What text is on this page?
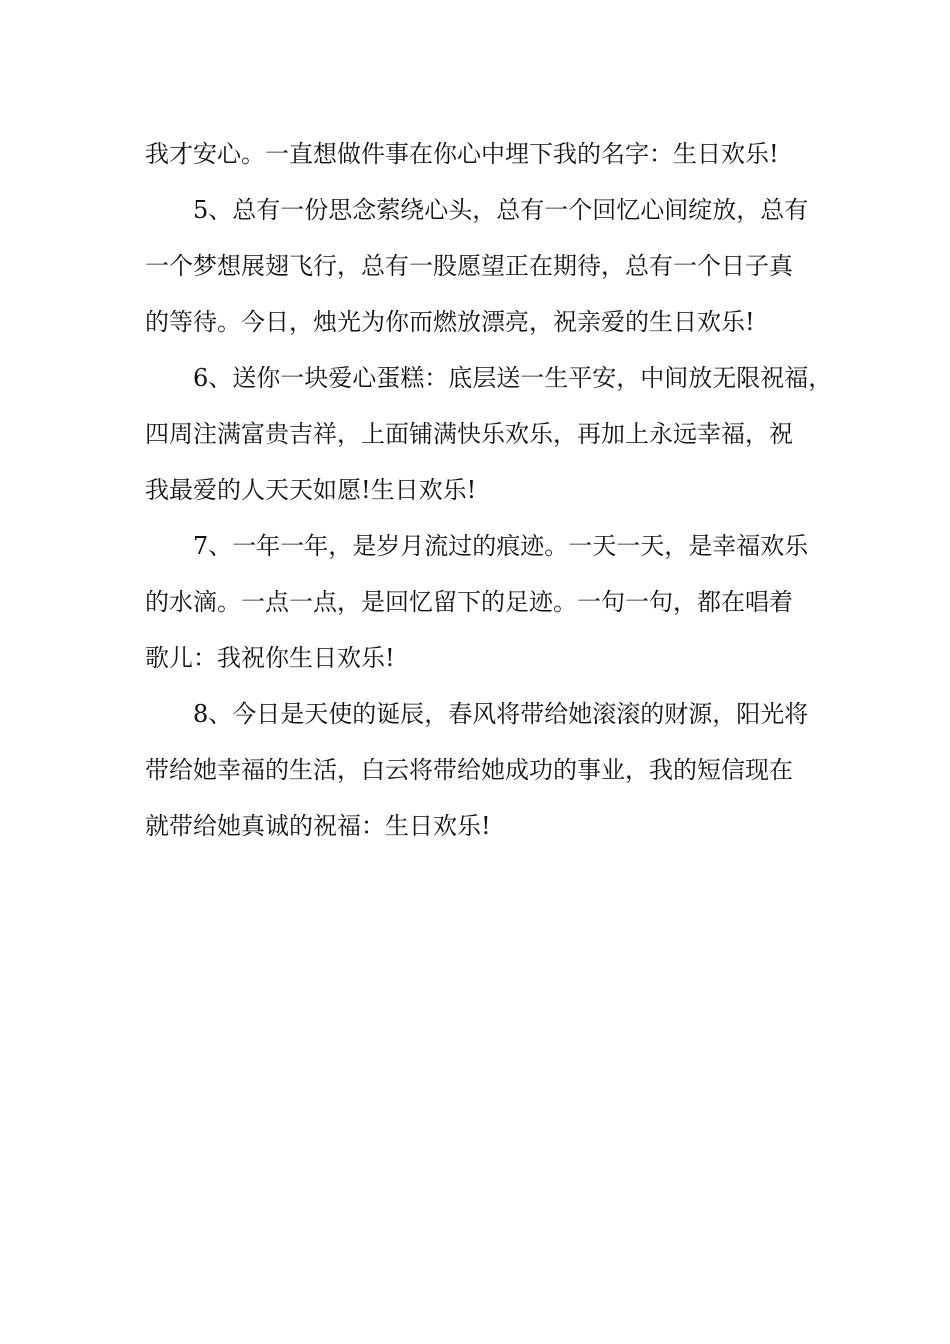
我才安心。一直想做件事在你心中埋下我的名字：生日欢乐!
5、总有一份思念萦绕心头，总有一个回忆心间绽放，总有
一个梦想展翅飞行，总有一股愿望正在期待，总有一个日子真
的等待。今日，烛光为你而燃放漂亮，祝亲爱的生日欢乐!
6、送你一块爱心蛋糕：底层送一生平安，中间放无限祝福，
四周注满富贵吉祥，上面铺满快乐欢乐，再加上永远幸福，祝
我最爱的人天天如愿!生日欢乐!
7、一年一年，是岁月流过的痕迹。一天一天，是幸福欢乐
的水滴。一点一点，是回忆留下的足迹。一句一句，都在唱着
歌儿：我祝你生日欢乐!
8、今日是天使的诞辰，春风将带给她滚滚的财源，阳光将
带给她幸福的生活，白云将带给她成功的事业，我的短信现在
就带给她真诚的祝福：生日欢乐!
